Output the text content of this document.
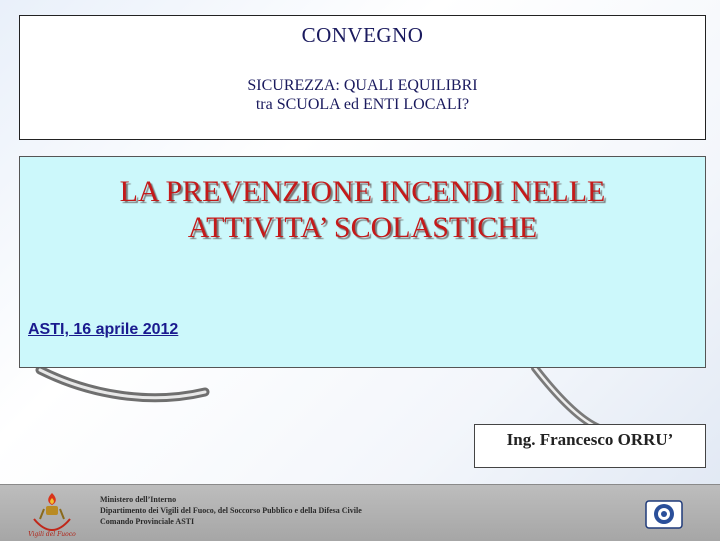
CONVEGNO
SICUREZZA: QUALI EQUILIBRI
tra SCUOLA ed ENTI LOCALI?
LA PREVENZIONE INCENDI NELLE
ATTIVITA’ SCOLASTICHE
ASTI, 16 aprile 2012
Ing. Francesco ORRU’
Vigili del Fuoco
Ministero dell’Interno
Dipartimento dei Vigili del Fuoco, del Soccorso Pubblico e della Difesa Civile
Comando Provinciale ASTI
